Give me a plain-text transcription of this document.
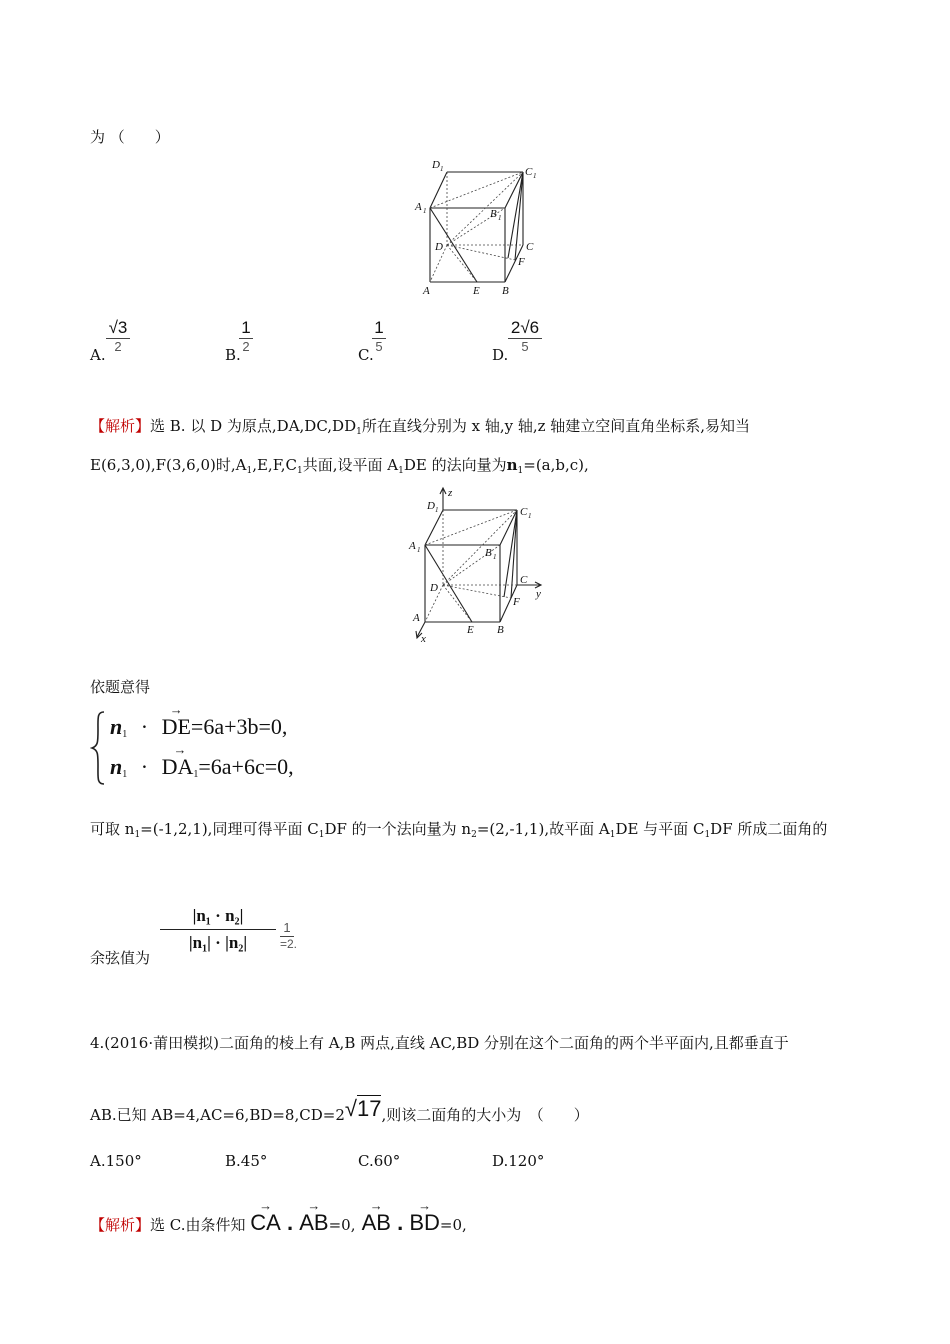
为 （　　）
D 1	C 1
A 1	B 1
D	C
F
A	E B
A.
√3
2	B.
1
2	C.
1
5	D.
2√6
5
【解析】选 B. 以 D 为原点$,DA,DC,DD_1$所在直线分别为 x 轴,y 轴,z 轴建立空间直角坐标系,易知当
E(6,3,0),F(3,6,0)时$,A_1,E,F,C_1$共面,设平面 $A_1DE$ 的法向量为$n_1=(a,b,c)$,
z
D 1	C 1
A 1	B 1
D
C
y
F
A
E B
x
依题意得
n1 ·
→
DE=6a+3b=0,
n1 ·
→
DA1=6a+6c=0,
可取 $n_1=(-1,2,1)$,同理可得平面 $C_1DF$ 的一个法向量为 $n_2=(2,-1,1)$,故平面 $A_1DE$ 与平面 $C_1DF$ 所成二面角的
余弦值为
|n₁ · n₂|
|n₁| · |n₂|
1
=2.
4.(2016·莆田模拟)二面角的棱上有 A,B 两点,直线 AC,BD 分别在这个二面角的两个半平面内,且都垂直于
AB.已知 AB=4,AC=6,BD=8,CD=2√17,则该二面角的大小为　（　　）
A.150°	B.45°	C.60°	D.120°
【解析】选 C.由条件知
→
CA .
→
AB=0,
→
AB .
→
BD=0,
